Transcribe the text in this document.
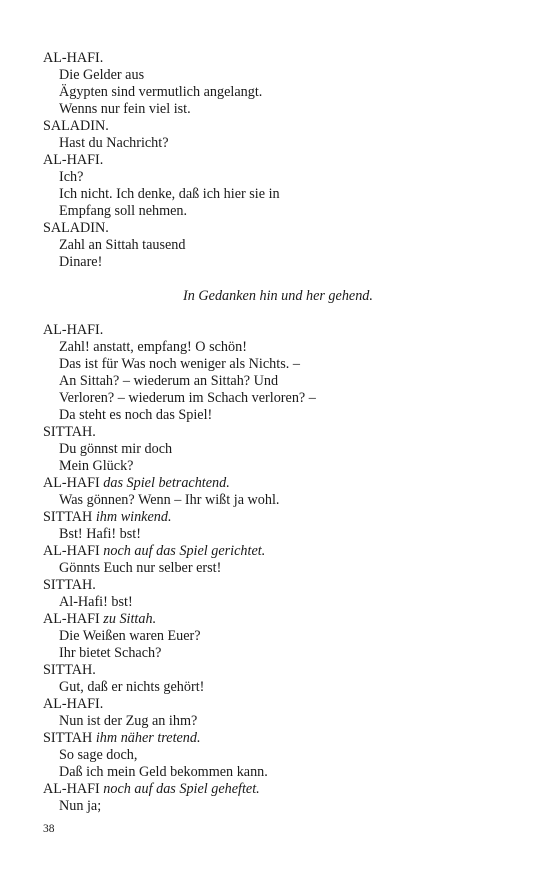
AL-HAFI.
Die Gelder aus
Ägypten sind vermutlich angelangt.
Wenns nur fein viel ist.
SALADIN.
Hast du Nachricht?
AL-HAFI.
Ich?
Ich nicht. Ich denke, daß ich hier sie in
Empfang soll nehmen.
SALADIN.
Zahl an Sittah tausend
Dinare!
In Gedanken hin und her gehend.
AL-HAFI.
Zahl! anstatt, empfang! O schön!
Das ist für Was noch weniger als Nichts. –
An Sittah? – wiederum an Sittah? Und
Verloren? – wiederum im Schach verloren? –
Da steht es noch das Spiel!
SITTAH.
Du gönnst mir doch
Mein Glück?
AL-HAFI das Spiel betrachtend.
Was gönnen? Wenn – Ihr wißt ja wohl.
SITTAH ihm winkend.
Bst! Hafi! bst!
AL-HAFI noch auf das Spiel gerichtet.
Gönnts Euch nur selber erst!
SITTAH.
Al-Hafi! bst!
AL-HAFI zu Sittah.
Die Weißen waren Euer?
Ihr bietet Schach?
SITTAH.
Gut, daß er nichts gehört!
AL-HAFI.
Nun ist der Zug an ihm?
SITTAH ihm näher tretend.
So sage doch,
Daß ich mein Geld bekommen kann.
AL-HAFI noch auf das Spiel geheftet.
Nun ja;
38
